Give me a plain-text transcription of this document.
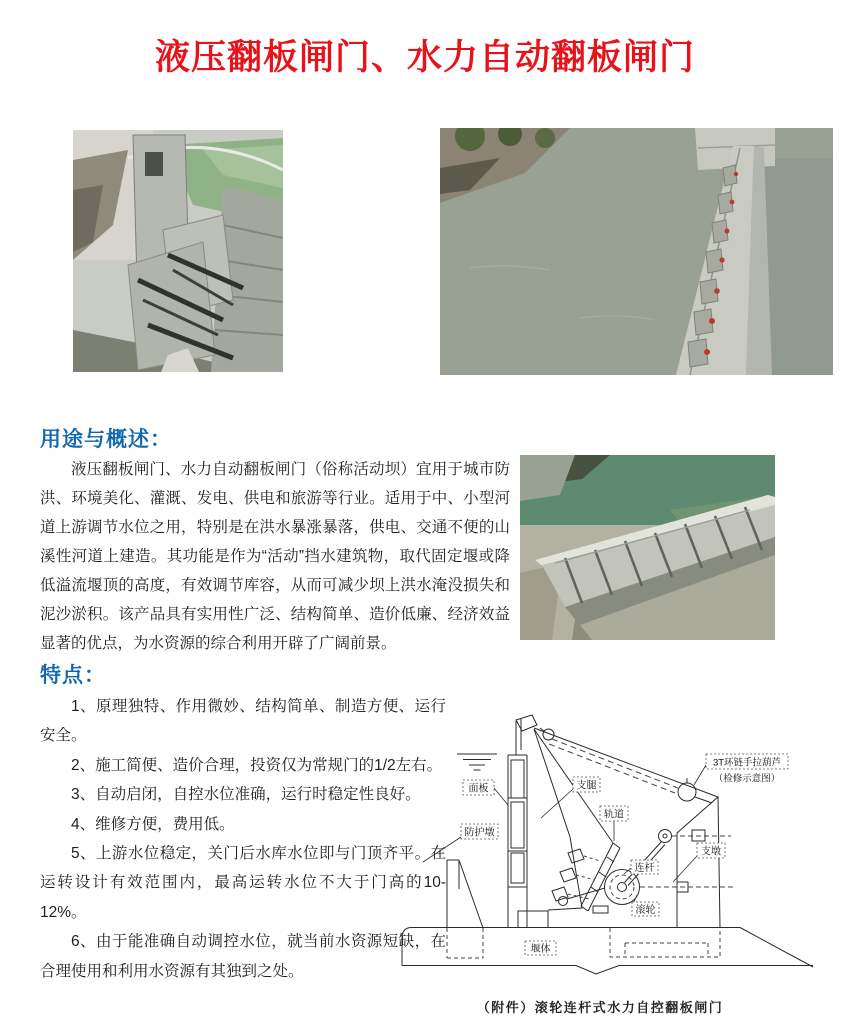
液压翻板闸门、水力自动翻板闸门
用途与概述：

液压翻板闸门、水力自动翻板闸门（俗称活动坝）宜用于城市防洪、环境美化、灌溉、发电、供电和旅游等行业。适用于中、小型河道上游调节水位之用，特别是在洪水暴涨暴落，供电、交通不便的山溪性河道上建造。其功能是作为“活动”挡水建筑物，取代固定堰或降低溢流堰顶的高度，有效调节库容，从而可减少坝上洪水淹没损失和泥沙淤积。该产品具有实用性广泛、结构简单、造价低廉、经济效益显著的优点，为水资源的综合利用开辟了广阔前景。

特点：

1、原理独特、作用微妙、结构简单、制造方便、运行安全。

2、施工简便、造价合理，投资仅为常规门的1/2左右。

3、自动启闭，自控水位准确，运行时稳定性良好。

4、维修方便，费用低。

5、上游水位稳定，关门后水库水位即与门顶齐平。在运转设计有效范围内，最高运转水位不大于门高的10-12%。

6、由于能准确自动调控水位，就当前水资源短缺，在合理使用和利用水资源有其独到之处。

面板	支腿
轨道
3T环链手拉葫芦
（检修示意图）
防护墩
支墩
连杆
滚轮
堰体
（附件）滚轮连杆式水力自控翻板闸门
